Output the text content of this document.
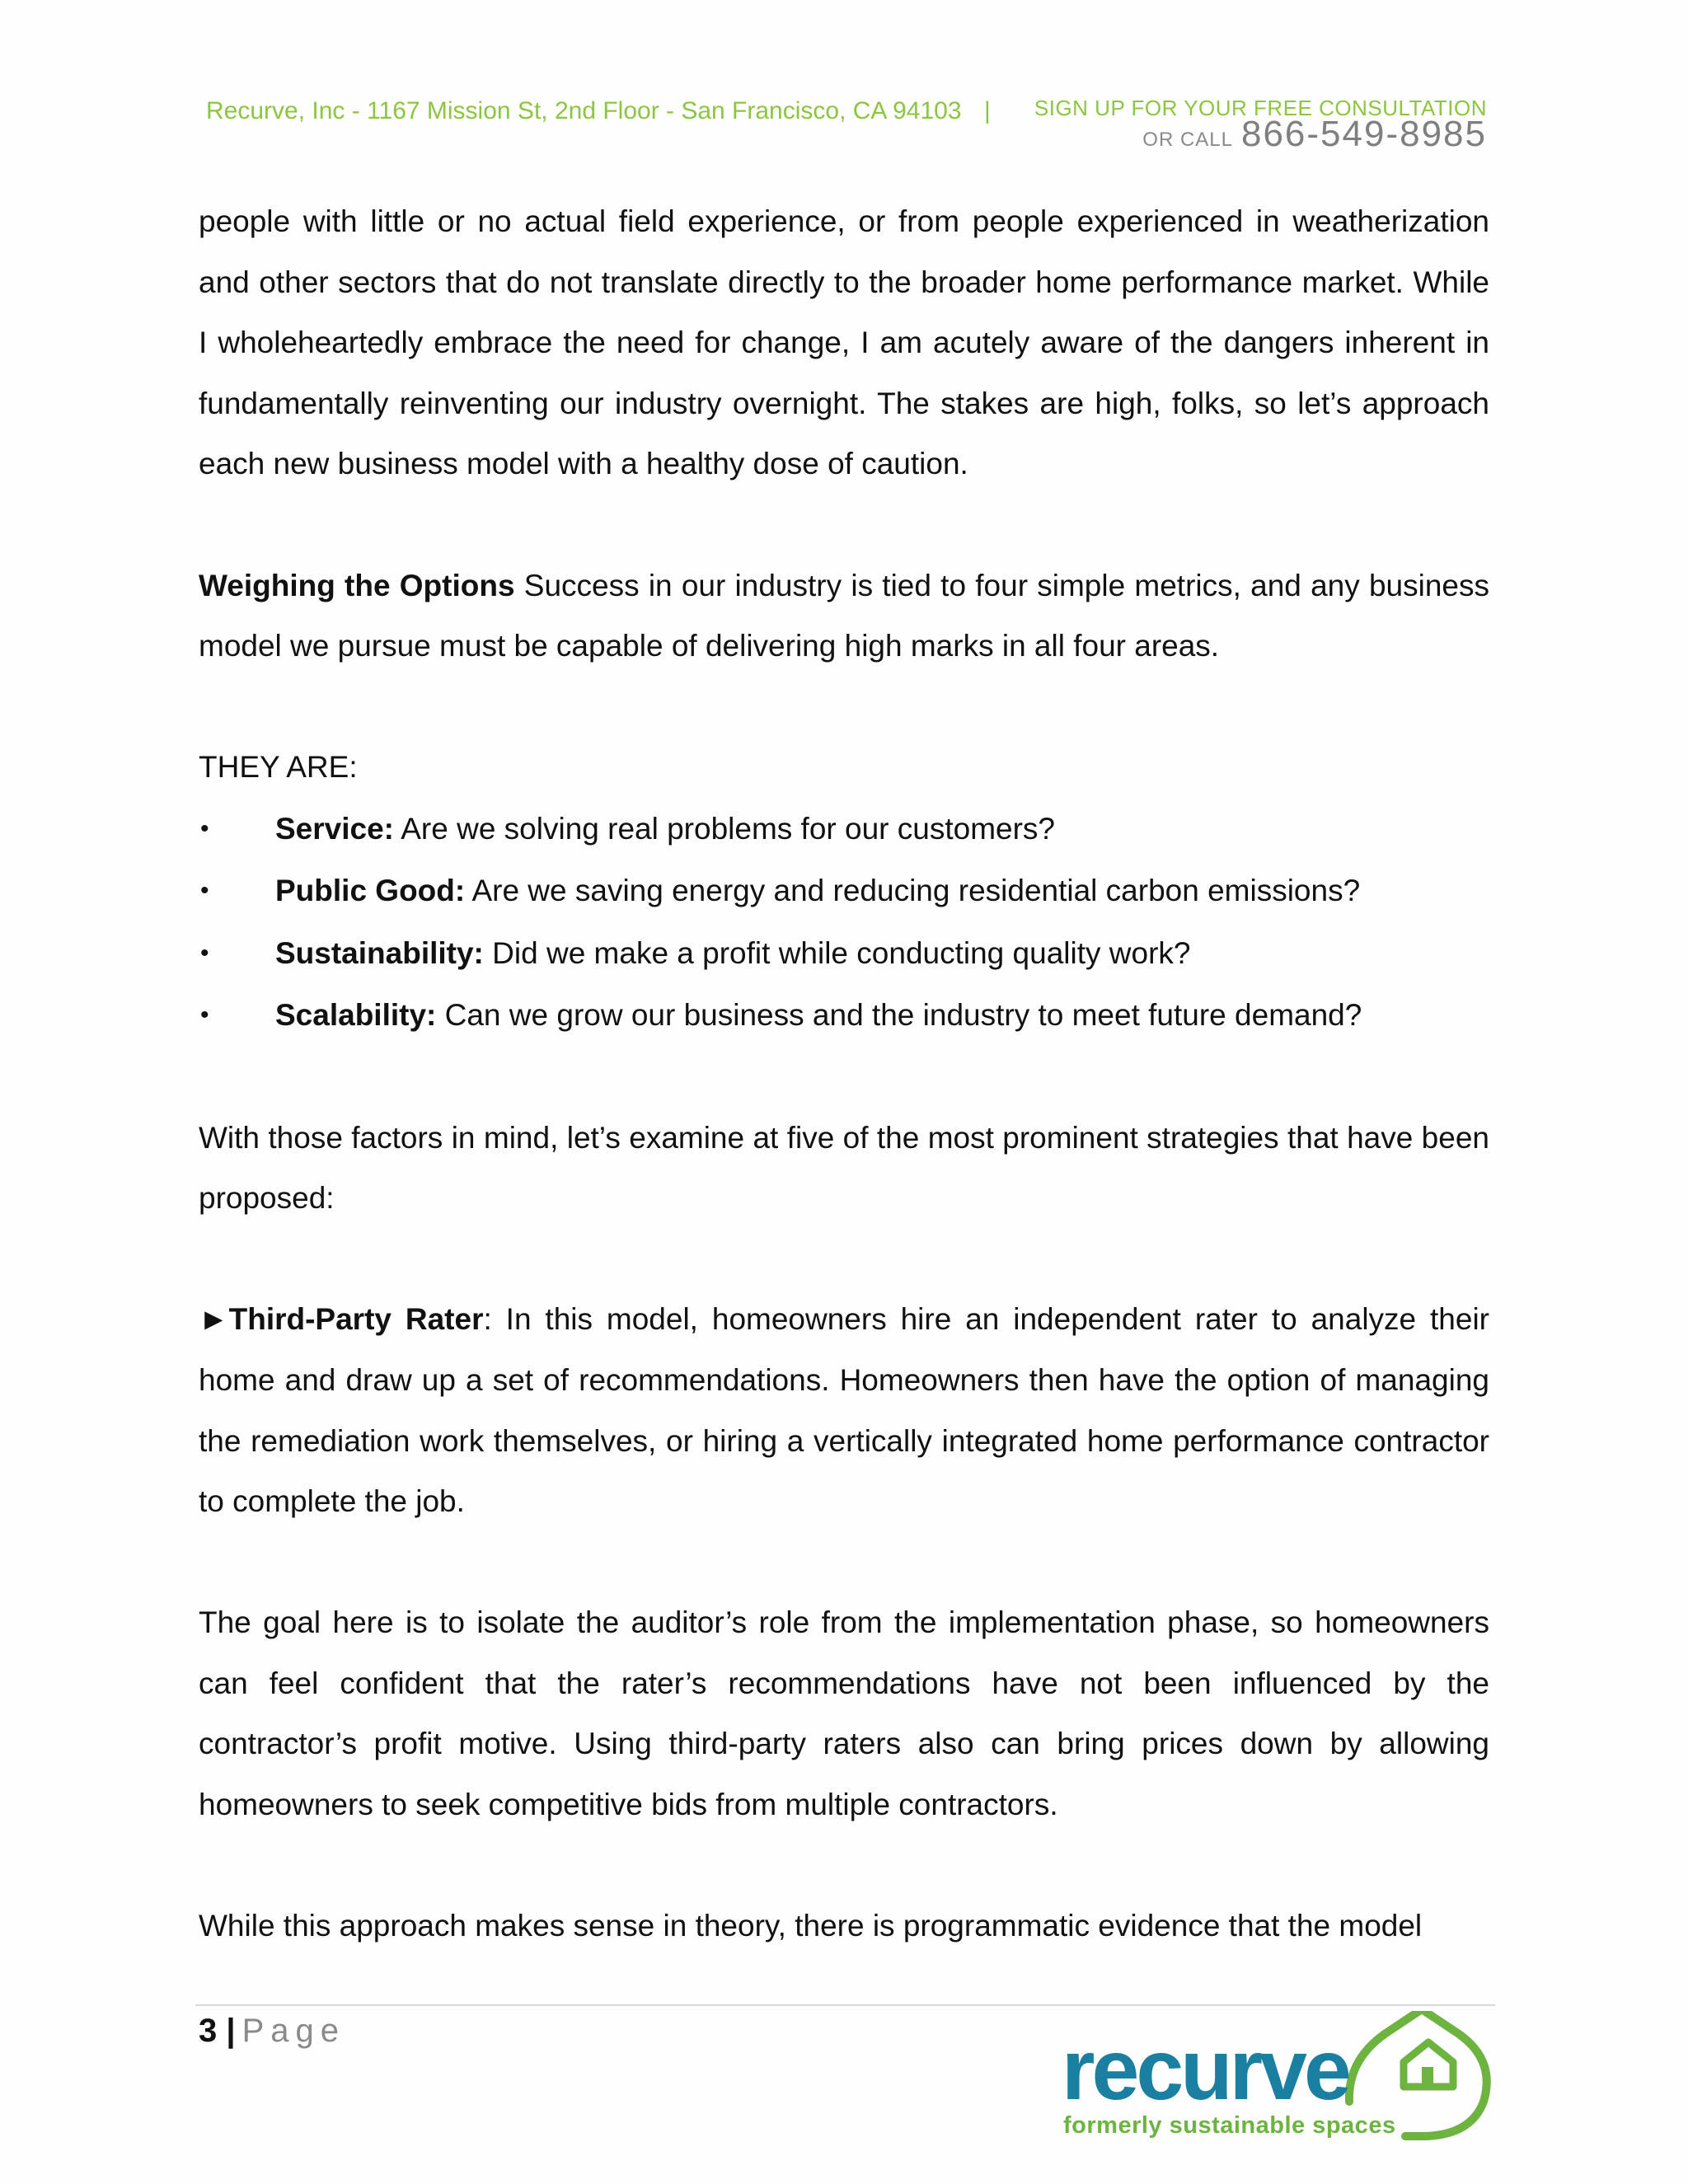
Recurve, Inc - 1167 Mission St, 2nd Floor - San Francisco, CA 94103 | SIGN UP FOR YOUR FREE CONSULTATION
OR CALL 866-549-8985

people with little or no actual field experience, or from people experienced in weatherization and other sectors that do not translate directly to the broader home performance market. While I wholeheartedly embrace the need for change, I am acutely aware of the dangers inherent in fundamentally reinventing our industry overnight. The stakes are high, folks, so let’s approach each new business model with a healthy dose of caution.

Weighing the Options Success in our industry is tied to four simple metrics, and any business model we pursue must be capable of delivering high marks in all four areas.

THEY ARE:

• Service: Are we solving real problems for our customers?
• Public Good: Are we saving energy and reducing residential carbon emissions?
• Sustainability: Did we make a profit while conducting quality work?
• Scalability: Can we grow our business and the industry to meet future demand?

With those factors in mind, let’s examine at five of the most prominent strategies that have been proposed:

►Third-Party Rater: In this model, homeowners hire an independent rater to analyze their home and draw up a set of recommendations. Homeowners then have the option of managing the remediation work themselves, or hiring a vertically integrated home performance contractor to complete the job.

The goal here is to isolate the auditor’s role from the implementation phase, so homeowners can feel confident that the rater’s recommendations have not been influenced by the contractor’s profit motive. Using third-party raters also can bring prices down by allowing homeowners to seek competitive bids from multiple contractors.

While this approach makes sense in theory, there is programmatic evidence that the model

3 | Page	recurve
formerly sustainable spaces
